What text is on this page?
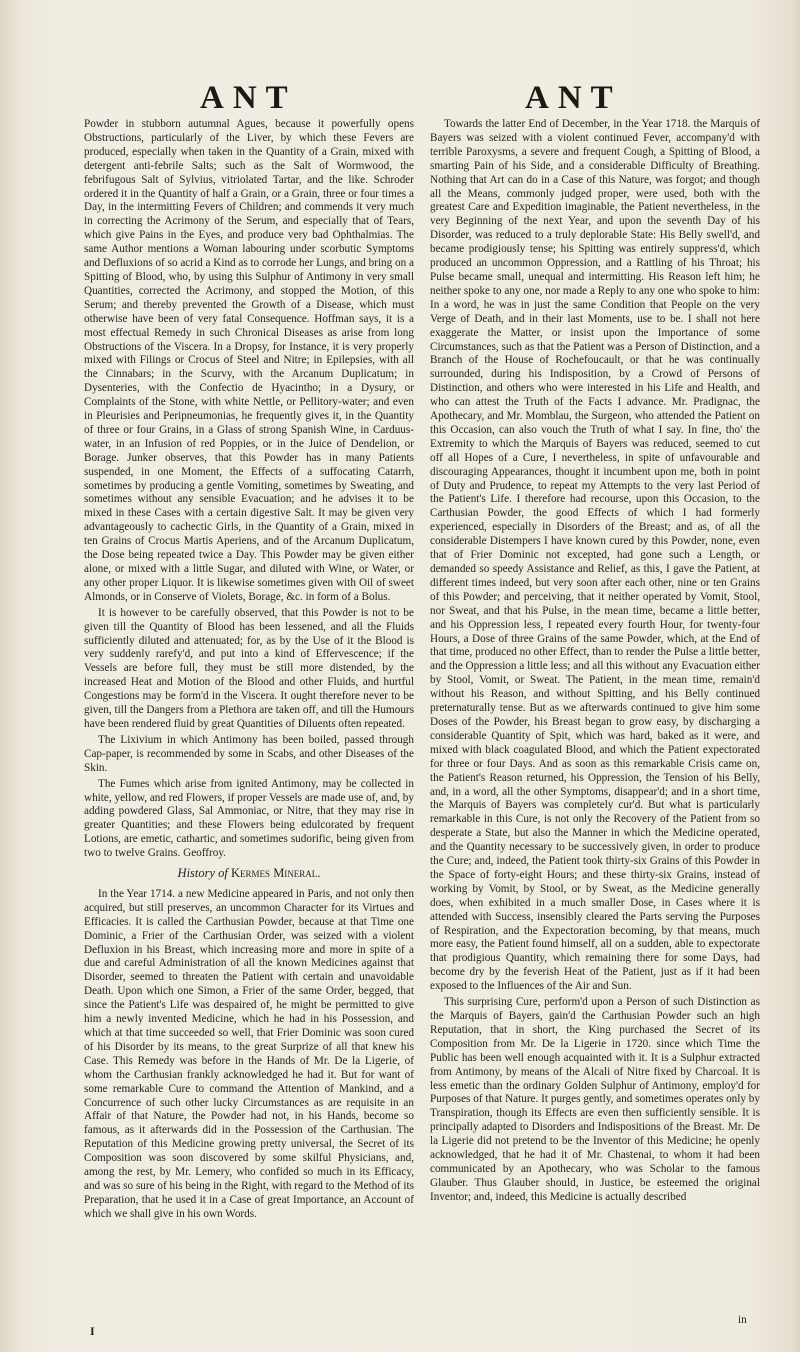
ANT	ANT

Powder in stubborn autumnal Agues, because it powerfully opens Obstructions, particularly of the Liver, by which these Fevers are produced, especially when taken in the Quantity of a Grain, mixed with detergent anti-febrile Salts; such as the Salt of Wormwood, the febrifugous Salt of Sylvius, vitriolated Tartar, and the like. Schroder ordered it in the Quantity of half a Grain, or a Grain, three or four times a Day, in the intermitting Fevers of Children; and commends it very much in correcting the Acrimony of the Serum, and especially that of Tears, which give Pains in the Eyes, and produce very bad Ophthalmias. The same Author mentions a Woman labouring under scorbutic Symptoms and Defluxions of so acrid a Kind as to corrode her Lungs, and bring on a Spitting of Blood, who, by using this Sulphur of Antimony in very small Quantities, corrected the Acrimony, and stopped the Motion, of this Serum; and thereby prevented the Growth of a Disease, which must otherwise have been of very fatal Consequence. Hoffman says, it is a most effectual Remedy in such Chronical Diseases as arise from long Obstructions of the Viscera. In a Dropsy, for Instance, it is very properly mixed with Filings or Crocus of Steel and Nitre; in Epilepsies, with all the Cinnabars; in the Scurvy, with the Arcanum Duplicatum; in Dysenteries, with the Confectio de Hyacintho; in a Dysury, or Complaints of the Stone, with white Nettle, or Pellitory-water; and even in Pleurisies and Peripneumonias, he frequently gives it, in the Quantity of three or four Grains, in a Glass of strong Spanish Wine, in Carduus-water, in an Infusion of red Poppies, or in the Juice of Dendelion, or Borage. Junker observes, that this Powder has in many Patients suspended, in one Moment, the Effects of a suffocating Catarrh, sometimes by producing a gentle Vomiting, sometimes by Sweating, and sometimes without any sensible Evacuation; and he advises it to be mixed in these Cases with a certain digestive Salt. It may be given very advantageously to cachectic Girls, in the Quantity of a Grain, mixed in ten Grains of Crocus Martis Aperiens, and of the Arcanum Duplicatum, the Dose being repeated twice a Day. This Powder may be given either alone, or mixed with a little Sugar, and diluted with Wine, or Water, or any other proper Liquor. It is likewise sometimes given with Oil of sweet Almonds, or in Conserve of Violets, Borage, &c. in form of a Bolus.

It is however to be carefully observed, that this Powder is not to be given till the Quantity of Blood has been lessened, and all the Fluids sufficiently diluted and attenuated; for, as by the Use of it the Blood is very suddenly rarefy'd, and put into a kind of Effervescence; if the Vessels are before full, they must be still more distended, by the increased Heat and Motion of the Blood and other Fluids, and hurtful Congestions may be form'd in the Viscera. It ought therefore never to be given, till the Dangers from a Plethora are taken off, and till the Humours have been rendered fluid by great Quantities of Diluents often repeated.

The Lixivium in which Antimony has been boiled, passed through Cap-paper, is recommended by some in Scabs, and other Diseases of the Skin.

The Fumes which arise from ignited Antimony, may be collected in white, yellow, and red Flowers, if proper Vessels are made use of, and, by adding powdered Glass, Sal Ammoniac, or Nitre, that they may rise in greater Quantities; and these Flowers being edulcorated by frequent Lotions, are emetic, cathartic, and sometimes sudorific, being given from two to twelve Grains. Geoffroy.

History of Kermes Mineral.

In the Year 1714. a new Medicine appeared in Paris, and not only then acquired, but still preserves, an uncommon Character for its Virtues and Efficacies. It is called the Carthusian Powder, because at that Time one Dominic, a Frier of the Carthusian Order, was seized with a violent Defluxion in his Breast, which increasing more and more in spite of a due and careful Administration of all the known Medicines against that Disorder, seemed to threaten the Patient with certain and unavoidable Death. Upon which one Simon, a Frier of the same Order, begged, that since the Patient's Life was despaired of, he might be permitted to give him a newly invented Medicine, which he had in his Possession, and which at that time succeeded so well, that Frier Dominic was soon cured of his Disorder by its means, to the great Surprize of all that knew his Case. This Remedy was before in the Hands of Mr. De la Ligerie, of whom the Carthusian frankly acknowledged he had it. But for want of some remarkable Cure to command the Attention of Mankind, and a Concurrence of such other lucky Circumstances as are requisite in an Affair of that Nature, the Powder had not, in his Hands, become so famous, as it afterwards did in the Possession of the Carthusian. The Reputation of this Medicine growing pretty universal, the Secret of its Composition was soon discovered by some skilful Physicians, and, among the rest, by Mr. Lemery, who confided so much in its Efficacy, and was so sure of his being in the Right, with regard to the Method of its Preparation, that he used it in a Case of great Importance, an Account of which we shall give in his own Words.

Towards the latter End of December, in the Year 1718. the Marquis of Bayers was seized with a violent continued Fever, accompany'd with terrible Paroxysms, a severe and frequent Cough, a Spitting of Blood, a smarting Pain of his Side, and a considerable Difficulty of Breathing. Nothing that Art can do in a Case of this Nature, was forgot; and though all the Means, commonly judged proper, were used, both with the greatest Care and Expedition imaginable, the Patient nevertheless, in the very Beginning of the next Year, and upon the seventh Day of his Disorder, was reduced to a truly deplorable State: His Belly swell'd, and became prodigiously tense; his Spitting was entirely suppress'd, which produced an uncommon Oppression, and a Rattling of his Throat; his Pulse became small, unequal and intermitting. His Reason left him; he neither spoke to any one, nor made a Reply to any one who spoke to him: In a word, he was in just the same Condition that People on the very Verge of Death, and in their last Moments, use to be. I shall not here exaggerate the Matter, or insist upon the Importance of some Circumstances, such as that the Patient was a Person of Distinction, and a Branch of the House of Rochefoucault, or that he was continually surrounded, during his Indisposition, by a Crowd of Persons of Distinction, and others who were interested in his Life and Health, and who can attest the Truth of the Facts I advance. Mr. Pradignac, the Apothecary, and Mr. Momblau, the Surgeon, who attended the Patient on this Occasion, can also vouch the Truth of what I say. In fine, tho' the Extremity to which the Marquis of Bayers was reduced, seemed to cut off all Hopes of a Cure, I nevertheless, in spite of unfavourable and discouraging Appearances, thought it incumbent upon me, both in point of Duty and Prudence, to repeat my Attempts to the very last Period of the Patient's Life. I therefore had recourse, upon this Occasion, to the Carthusian Powder, the good Effects of which I had formerly experienced, especially in Disorders of the Breast; and as, of all the considerable Distempers I have known cured by this Powder, none, even that of Frier Dominic not excepted, had gone such a Length, or demanded so speedy Assistance and Relief, as this, I gave the Patient, at different times indeed, but very soon after each other, nine or ten Grains of this Powder; and perceiving, that it neither operated by Vomit, Stool, nor Sweat, and that his Pulse, in the mean time, became a little better, and his Oppression less, I repeated every fourth Hour, for twenty-four Hours, a Dose of three Grains of the same Powder, which, at the End of that time, produced no other Effect, than to render the Pulse a little better, and the Oppression a little less; and all this without any Evacuation either by Stool, Vomit, or Sweat. The Patient, in the mean time, remain'd without his Reason, and without Spitting, and his Belly continued preternaturally tense. But as we afterwards continued to give him some Doses of the Powder, his Breast began to grow easy, by discharging a considerable Quantity of Spit, which was hard, baked as it were, and mixed with black coagulated Blood, and which the Patient expectorated for three or four Days. And as soon as this remarkable Crisis came on, the Patient's Reason returned, his Oppression, the Tension of his Belly, and, in a word, all the other Symptoms, disappear'd; and in a short time, the Marquis of Bayers was completely cur'd. But what is particularly remarkable in this Cure, is not only the Recovery of the Patient from so desperate a State, but also the Manner in which the Medicine operated, and the Quantity necessary to be successively given, in order to produce the Cure; and, indeed, the Patient took thirty-six Grains of this Powder in the Space of forty-eight Hours; and these thirty-six Grains, instead of working by Vomit, by Stool, or by Sweat, as the Medicine generally does, when exhibited in a much smaller Dose, in Cases where it is attended with Success, insensibly cleared the Parts serving the Purposes of Respiration, and the Expectoration becoming, by that means, much more easy, the Patient found himself, all on a sudden, able to expectorate that prodigious Quantity, which remaining there for some Days, had become dry by the feverish Heat of the Patient, just as if it had been exposed to the Influences of the Air and Sun.

This surprising Cure, perform'd upon a Person of such Distinction as the Marquis of Bayers, gain'd the Carthusian Powder such an high Reputation, that in short, the King purchased the Secret of its Composition from Mr. De la Ligerie in 1720. since which Time the Public has been well enough acquainted with it. It is a Sulphur extracted from Antimony, by means of the Alcali of Nitre fixed by Charcoal. It is less emetic than the ordinary Golden Sulphur of Antimony, employ'd for Purposes of that Nature. It purges gently, and sometimes operates only by Transpiration, though its Effects are even then sufficiently sensible. It is principally adapted to Disorders and Indispositions of the Breast. Mr. De la Ligerie did not pretend to be the Inventor of this Medicine; he openly acknowledged, that he had it of Mr. Chastenai, to whom it had been communicated by an Apothecary, who was Scholar to the famous Glauber. Thus Glauber should, in Justice, be esteemed the original Inventor; and, indeed, this Medicine is actually described

I
in
